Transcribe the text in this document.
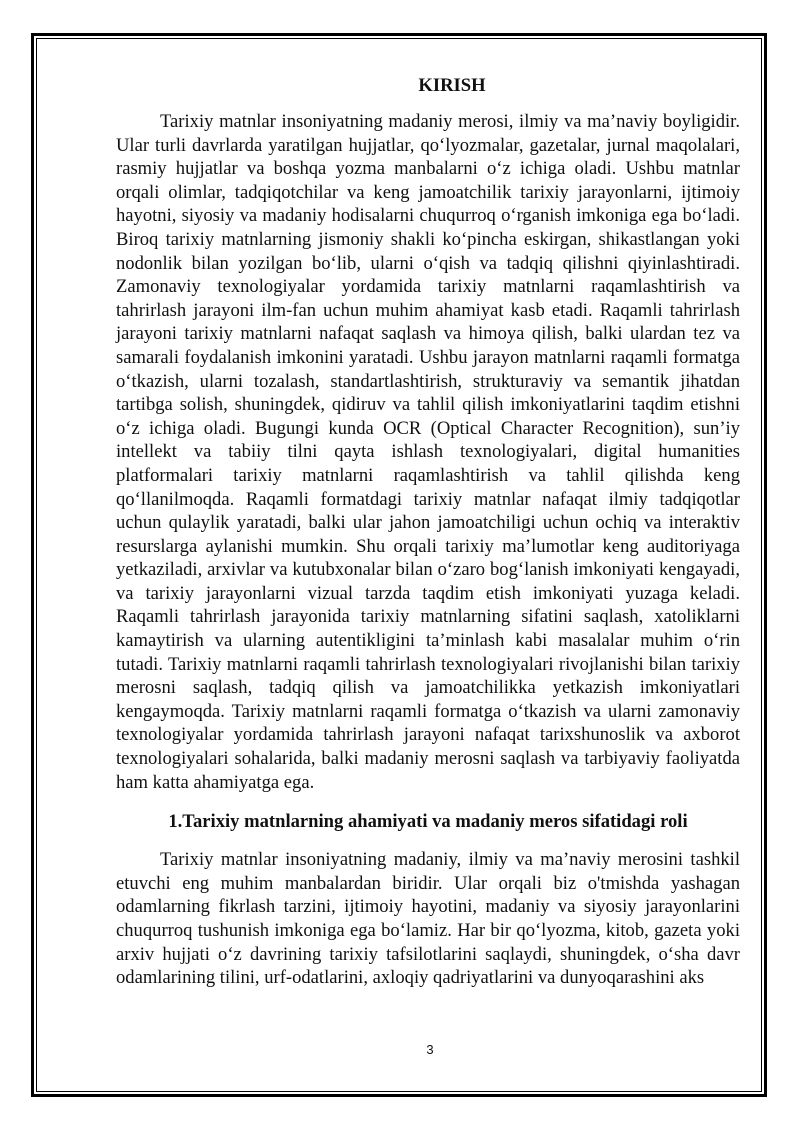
KIRISH

Tarixiy matnlar insoniyatning madaniy merosi, ilmiy va ma’naviy boyligidir. Ular turli davrlarda yaratilgan hujjatlar, qo‘lyozmalar, gazetalar, jurnal maqolalari, rasmiy hujjatlar va boshqa yozma manbalarni o‘z ichiga oladi. Ushbu matnlar orqali olimlar, tadqiqotchilar va keng jamoatchilik tarixiy jarayonlarni, ijtimoiy hayotni, siyosiy va madaniy hodisalarni chuqurroq o‘rganish imkoniga ega bo‘ladi. Biroq tarixiy matnlarning jismoniy shakli ko‘pincha eskirgan, shikastlangan yoki nodonlik bilan yozilgan bo‘lib, ularni o‘qish va tadqiq qilishni qiyinlashtiradi. Zamonaviy texnologiyalar yordamida tarixiy matnlarni raqamlashtirish va tahrirlash jarayoni ilm-fan uchun muhim ahamiyat kasb etadi. Raqamli tahrirlash jarayoni tarixiy matnlarni nafaqat saqlash va himoya qilish, balki ulardan tez va samarali foydalanish imkonini yaratadi. Ushbu jarayon matnlarni raqamli formatga o‘tkazish, ularni tozalash, standartlashtirish, strukturaviy va semantik jihatdan tartibga solish, shuningdek, qidiruv va tahlil qilish imkoniyatlarini taqdim etishni o‘z ichiga oladi. Bugungi kunda OCR (Optical Character Recognition), sun’iy intellekt va tabiiy tilni qayta ishlash texnologiyalari, digital humanities platformalari tarixiy matnlarni raqamlashtirish va tahlil qilishda keng qo‘llanilmoqda. Raqamli formatdagi tarixiy matnlar nafaqat ilmiy tadqiqotlar uchun qulaylik yaratadi, balki ular jahon jamoatchiligi uchun ochiq va interaktiv resurslarga aylanishi mumkin. Shu orqali tarixiy ma’lumotlar keng auditoriyaga yetkaziladi, arxivlar va kutubxonalar bilan o‘zaro bog‘lanish imkoniyati kengayadi, va tarixiy jarayonlarni vizual tarzda taqdim etish imkoniyati yuzaga keladi. Raqamli tahrirlash jarayonida tarixiy matnlarning sifatini saqlash, xatoliklarni kamaytirish va ularning autentikligini ta’minlash kabi masalalar muhim o‘rin tutadi. Tarixiy matnlarni raqamli tahrirlash texnologiyalari rivojlanishi bilan tarixiy merosni saqlash, tadqiq qilish va jamoatchilikka yetkazish imkoniyatlari kengaymoqda. Tarixiy matnlarni raqamli formatga o‘tkazish va ularni zamonaviy texnologiyalar yordamida tahrirlash jarayoni nafaqat tarixshunoslik va axborot texnologiyalari sohalarida, balki madaniy merosni saqlash va tarbiyaviy faoliyatda ham katta ahamiyatga ega.

1.Tarixiy matnlarning ahamiyati va madaniy meros sifatidagi roli

Tarixiy matnlar insoniyatning madaniy, ilmiy va ma’naviy merosini tashkil etuvchi eng muhim manbalardan biridir. Ular orqali biz o'tmishda yashagan odamlarning fikrlash tarzini, ijtimoiy hayotini, madaniy va siyosiy jarayonlarini chuqurroq tushunish imkoniga ega bo‘lamiz. Har bir qo‘lyozma, kitob, gazeta yoki arxiv hujjati o‘z davrining tarixiy tafsilotlarini saqlaydi, shuningdek, o‘sha davr odamlarining tilini, urf-odatlarini, axloqiy qadriyatlarini va dunyoqarashini aks

3
